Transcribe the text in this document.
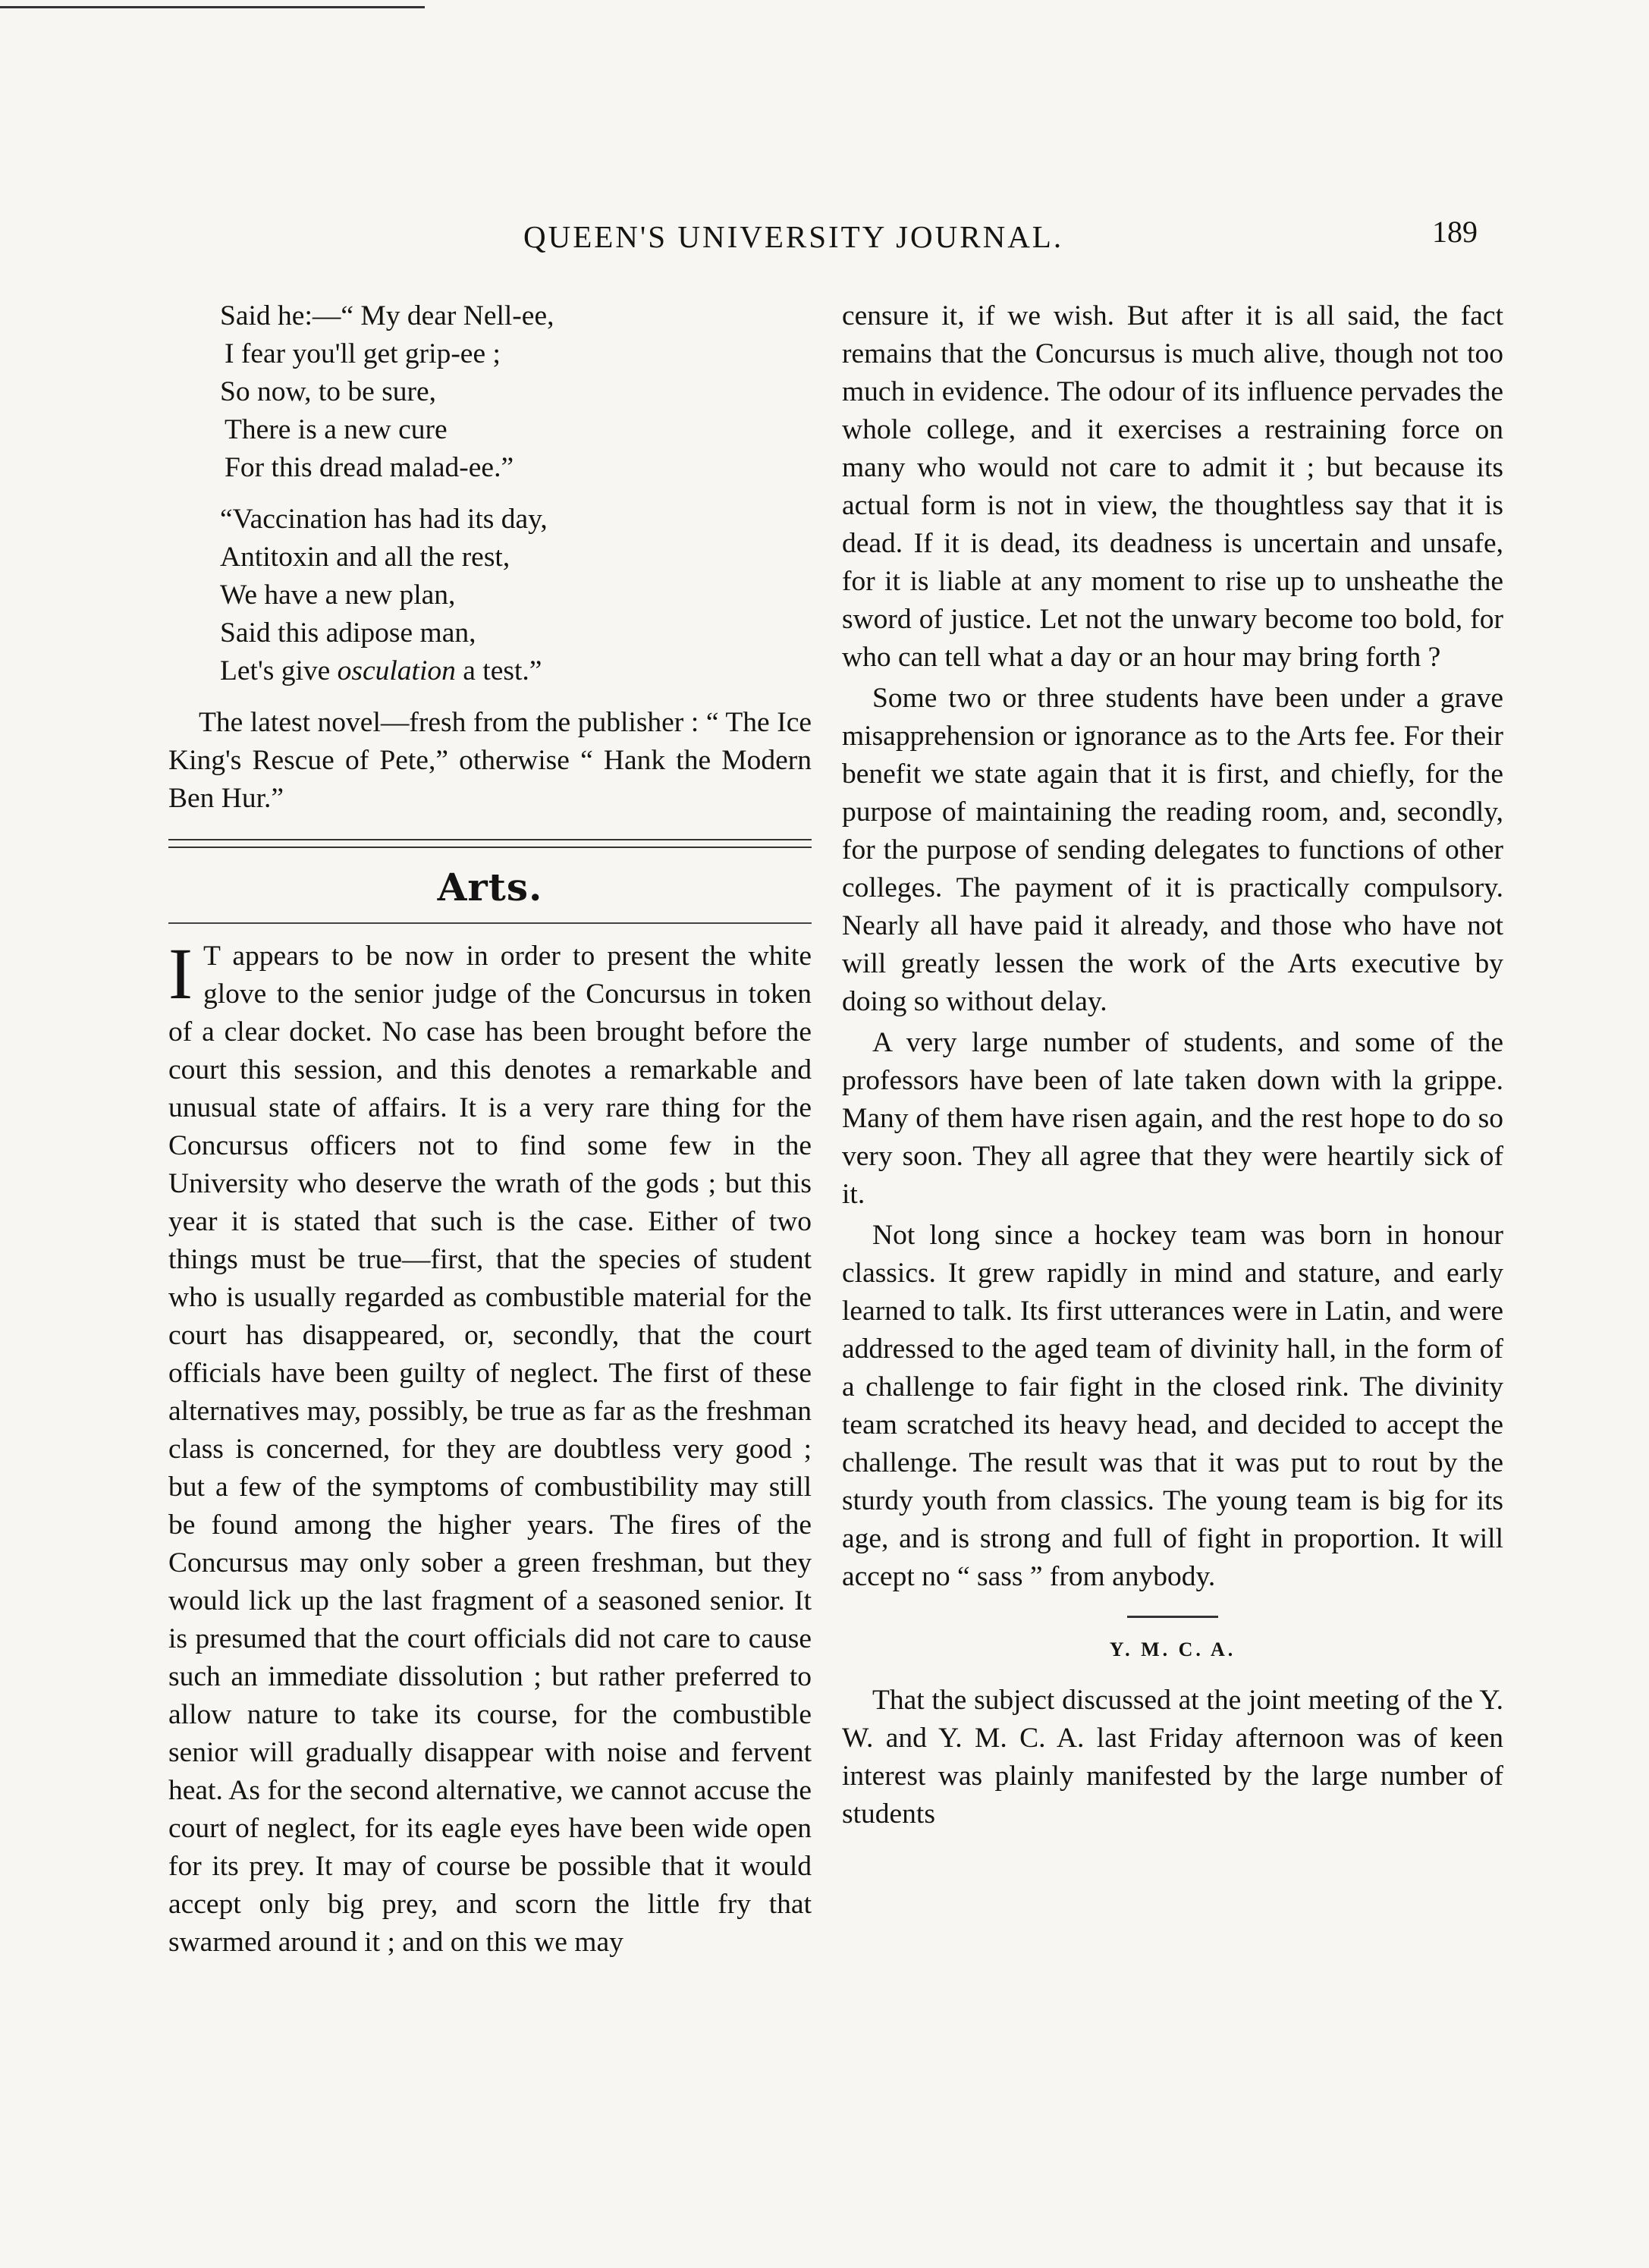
QUEEN'S UNIVERSITY JOURNAL.	189
Said he:—“ My dear Nell-ee,
I fear you'll get grip-ee ;
So now, to be sure,
There is a new cure
For this dread malad-ee.”
“Vaccination has had its day,
Antitoxin and all the rest,
We have a new plan,
Said this adipose man,
Let's give osculation a test.”

The latest novel—fresh from the publisher : “ The Ice King's Rescue of Pete,” otherwise “ Hank the Modern Ben Hur.”

Arts.

I T appears to be now in order to present the white glove to the senior judge of the Concursus in token of a clear docket. No case has been brought before the court this session, and this denotes a remarkable and unusual state of affairs. It is a very rare thing for the Concursus officers not to find some few in the University who deserve the wrath of the gods ; but this year it is stated that such is the case. Either of two things must be true—first, that the species of student who is usually regarded as combustible material for the court has disappeared, or, secondly, that the court officials have been guilty of neglect. The first of these alternatives may, possibly, be true as far as the freshman class is concerned, for they are doubtless very good ; but a few of the symptoms of combustibility may still be found among the higher years. The fires of the Concursus may only sober a green freshman, but they would lick up the last fragment of a seasoned senior. It is presumed that the court officials did not care to cause such an immediate dissolution ; but rather preferred to allow nature to take its course, for the combustible senior will gradually disappear with noise and fervent heat. As for the second alternative, we cannot accuse the court of neglect, for its eagle eyes have been wide open for its prey. It may of course be possible that it would accept only big prey, and scorn the little fry that swarmed around it ; and on this we may

censure it, if we wish. But after it is all said, the fact remains that the Concursus is much alive, though not too much in evidence. The odour of its influence pervades the whole college, and it exercises a restraining force on many who would not care to admit it ; but because its actual form is not in view, the thoughtless say that it is dead. If it is dead, its deadness is uncertain and unsafe, for it is liable at any moment to rise up to unsheathe the sword of justice. Let not the unwary become too bold, for who can tell what a day or an hour may bring forth ?

Some two or three students have been under a grave misapprehension or ignorance as to the Arts fee. For their benefit we state again that it is first, and chiefly, for the purpose of maintaining the reading room, and, secondly, for the purpose of sending delegates to functions of other colleges. The payment of it is practically compulsory. Nearly all have paid it already, and those who have not will greatly lessen the work of the Arts executive by doing so without delay.

A very large number of students, and some of the professors have been of late taken down with la grippe. Many of them have risen again, and the rest hope to do so very soon. They all agree that they were heartily sick of it.

Not long since a hockey team was born in honour classics. It grew rapidly in mind and stature, and early learned to talk. Its first utterances were in Latin, and were addressed to the aged team of divinity hall, in the form of a challenge to fair fight in the closed rink. The divinity team scratched its heavy head, and decided to accept the challenge. The result was that it was put to rout by the sturdy youth from classics. The young team is big for its age, and is strong and full of fight in proportion. It will accept no “ sass ” from anybody.

Y. M. C. A.

That the subject discussed at the joint meeting of the Y. W. and Y. M. C. A. last Friday afternoon was of keen interest was plainly manifested by the large number of students
